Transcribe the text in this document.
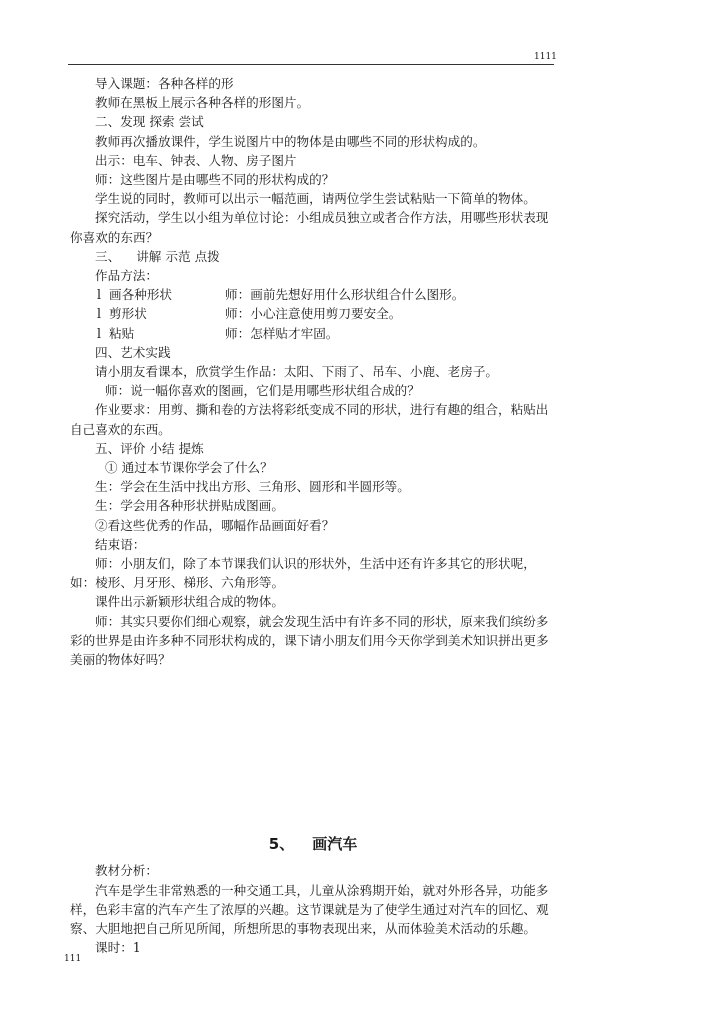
1111

导入课题：各种各样的形

教师在黑板上展示各种各样的形图片。

二、发现 探索 尝试

教师再次播放课件，学生说图片中的物体是由哪些不同的形状构成的。

出示：电车、钟表、人物、房子图片

师：这些图片是由哪些不同的形状构成的？

学生说的同时，教师可以出示一幅范画，请两位学生尝试粘贴一下简单的物体。

探究活动，学生以小组为单位讨论：小组成员独立或者合作方法，用哪些形状表现你喜欢的东西？

三、    讲解 示范 点拨

作品方法：

l 画各种形状	师：画前先想好用什么形状组合什么图形。
l 剪形状	师：小心注意使用剪刀要安全。
l 粘贴	师：怎样贴才牢固。

四、艺术实践

请小朋友看课本，欣赏学生作品：太阳、下雨了、吊车、小鹿、老房子。

师：说一幅你喜欢的图画，它们是用哪些形状组合成的？

作业要求：用剪、撕和卷的方法将彩纸变成不同的形状，进行有趣的组合，粘贴出自己喜欢的东西。

五、评价 小结 提炼

① 通过本节课你学会了什么？

生：学会在生活中找出方形、三角形、圆形和半圆形等。

生：学会用各种形状拼贴成图画。

②看这些优秀的作品，哪幅作品画面好看？

结束语：

师：小朋友们，除了本节课我们认识的形状外，生活中还有许多其它的形状呢，如：棱形、月牙形、梯形、六角形等。

课件出示新颖形状组合成的物体。

师：其实只要你们细心观察，就会发现生活中有许多不同的形状，原来我们缤纷多彩的世界是由许多种不同形状构成的，课下请小朋友们用今天你学到美术知识拼出更多美丽的物体好吗？

5、 画汽车

教材分析：

汽车是学生非常熟悉的一种交通工具，儿童从涂鸦期开始，就对外形各异，功能多样，色彩丰富的汽车产生了浓厚的兴趣。这节课就是为了使学生通过对汽车的回忆、观察、大胆地把自己所见所闻，所想所思的事物表现出来，从而体验美术活动的乐趣。

课时：1

111
